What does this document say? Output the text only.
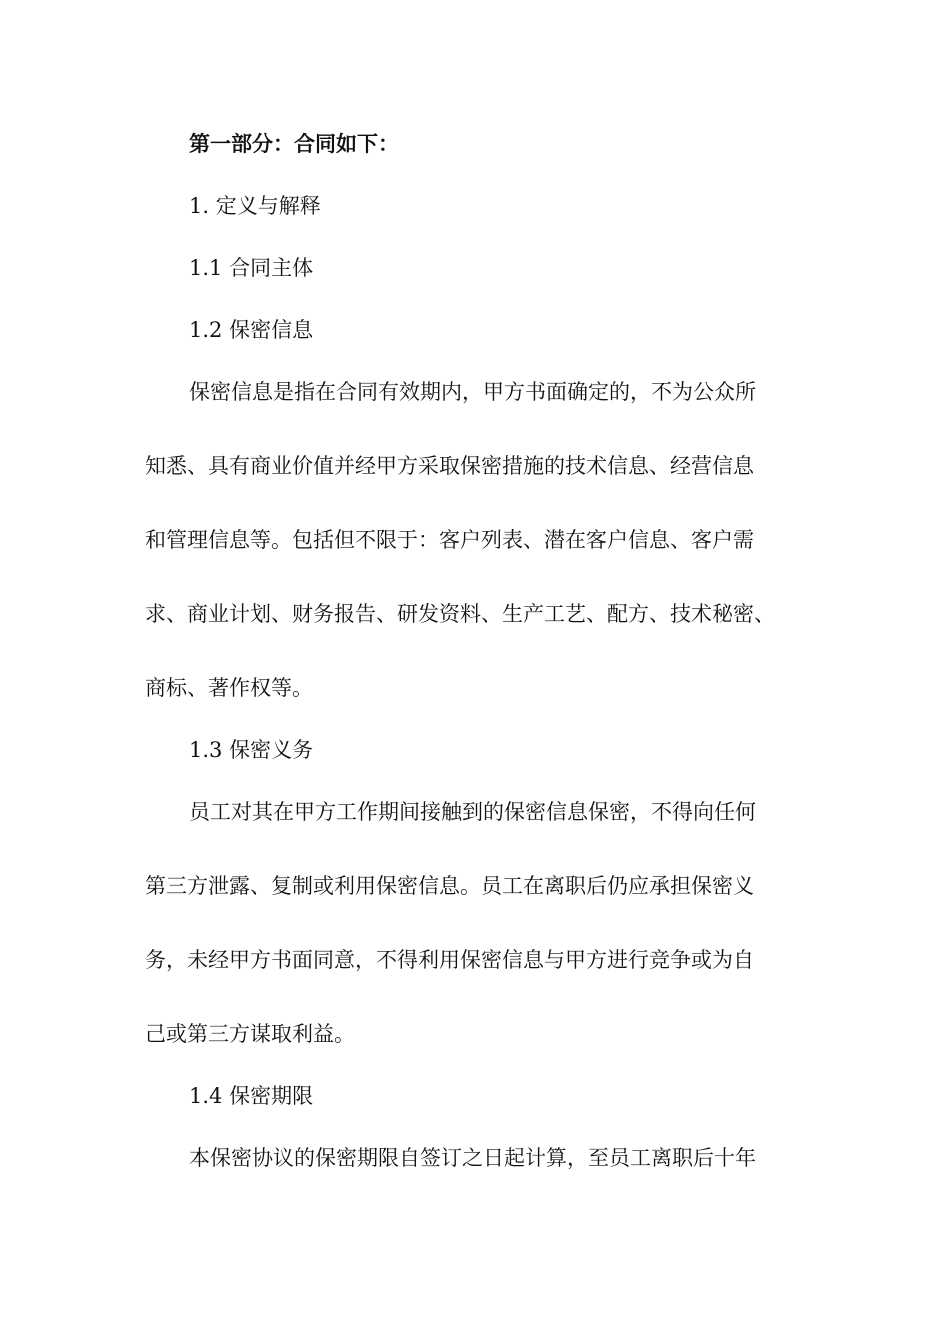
第一部分：合同如下：
1. 定义与解释
1.1 合同主体
1.2 保密信息
保密信息是指在合同有效期内，甲方书面确定的，不为公众所
知悉、具有商业价值并经甲方采取保密措施的技术信息、经营信息
和管理信息等。包括但不限于：客户列表、潜在客户信息、客户需
求、商业计划、财务报告、研发资料、生产工艺、配方、技术秘密、
商标、著作权等。
1.3 保密义务
员工对其在甲方工作期间接触到的保密信息保密，不得向任何
第三方泄露、复制或利用保密信息。员工在离职后仍应承担保密义
务，未经甲方书面同意，不得利用保密信息与甲方进行竞争或为自
己或第三方谋取利益。
1.4 保密期限
本保密协议的保密期限自签订之日起计算，至员工离职后十年
